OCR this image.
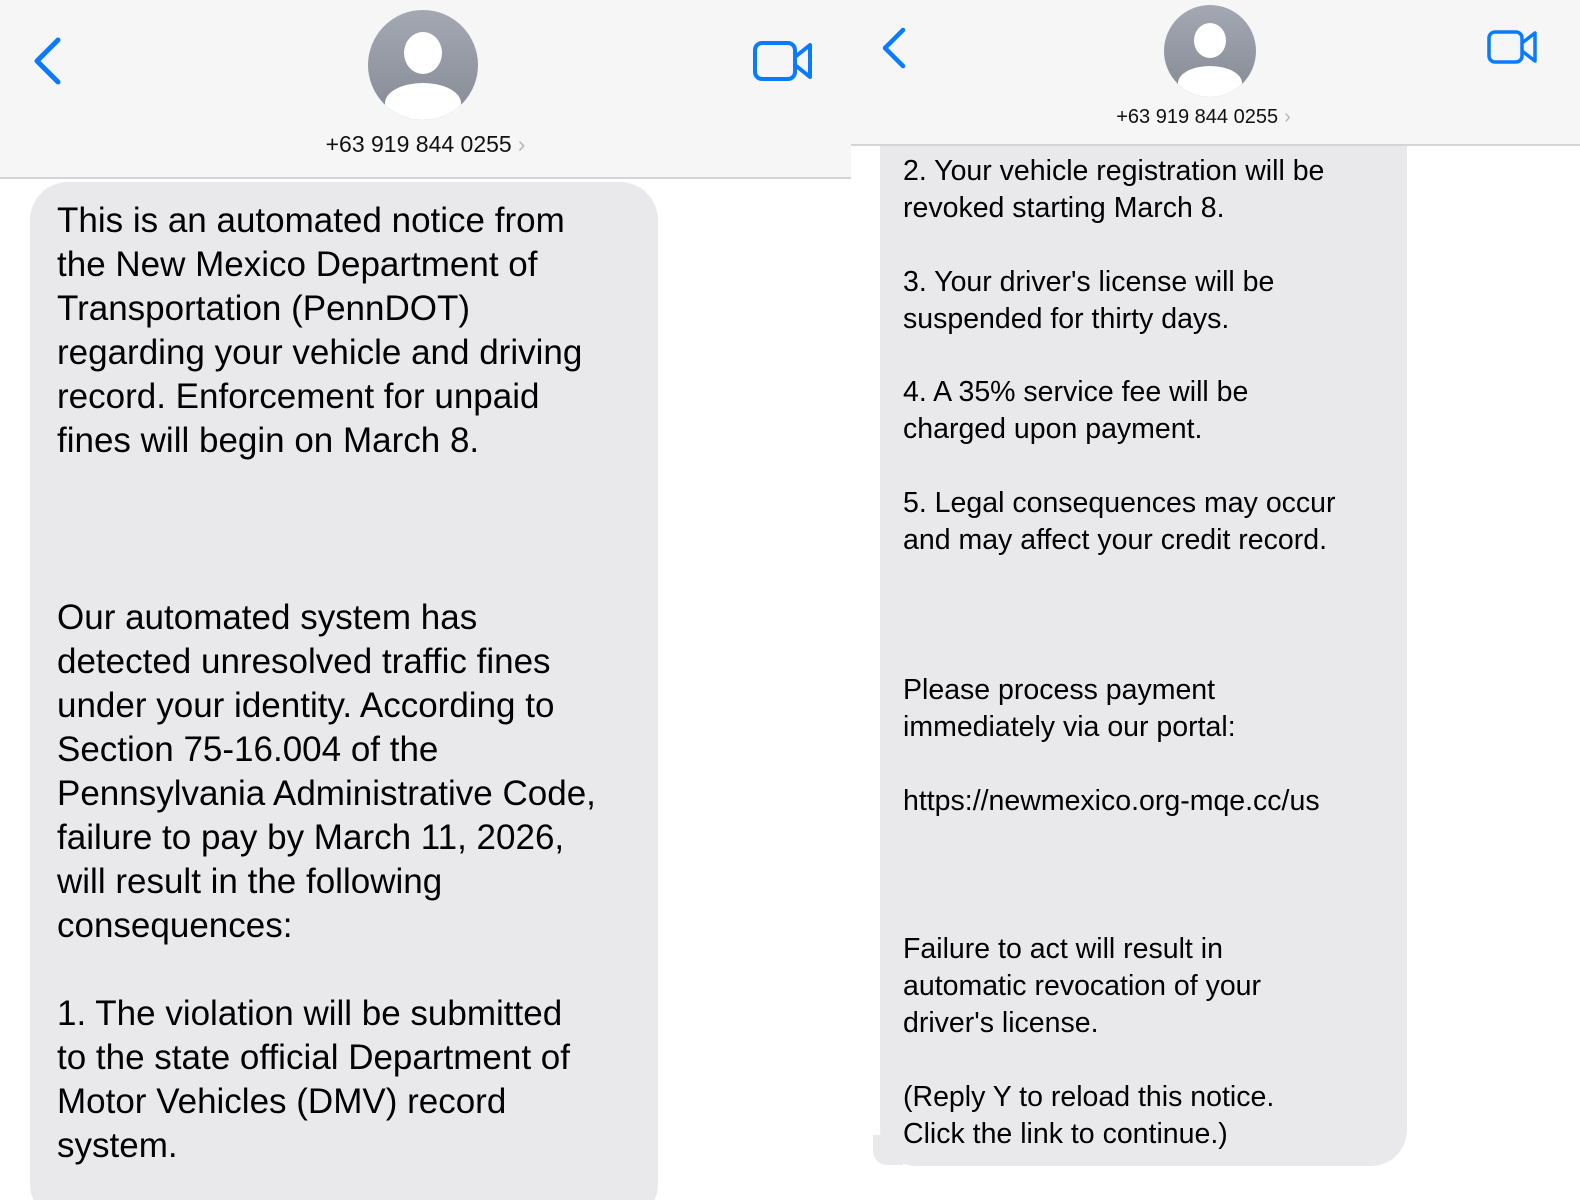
+63 919 844 0255 ›
This is an automated notice from
the New Mexico Department of
Transportation (PennDOT)
regarding your vehicle and driving
record. Enforcement for unpaid
fines will begin on March 8.
Our automated system has
detected unresolved traffic fines
under your identity. According to
Section 75-16.004 of the
Pennsylvania Administrative Code,
failure to pay by March 11, 2026,
will result in the following
consequences:
1. The violation will be submitted
to the state official Department of
Motor Vehicles (DMV) record
system.
+63 919 844 0255 ›
2. Your vehicle registration will be
revoked starting March 8.
3. Your driver's license will be
suspended for thirty days.
4. A 35% service fee will be
charged upon payment.
5. Legal consequences may occur
and may affect your credit record.
Please process payment
immediately via our portal:
https://newmexico.org-mqe.cc/us
Failure to act will result in
automatic revocation of your
driver's license.
(Reply Y to reload this notice.
Click the link to continue.)
